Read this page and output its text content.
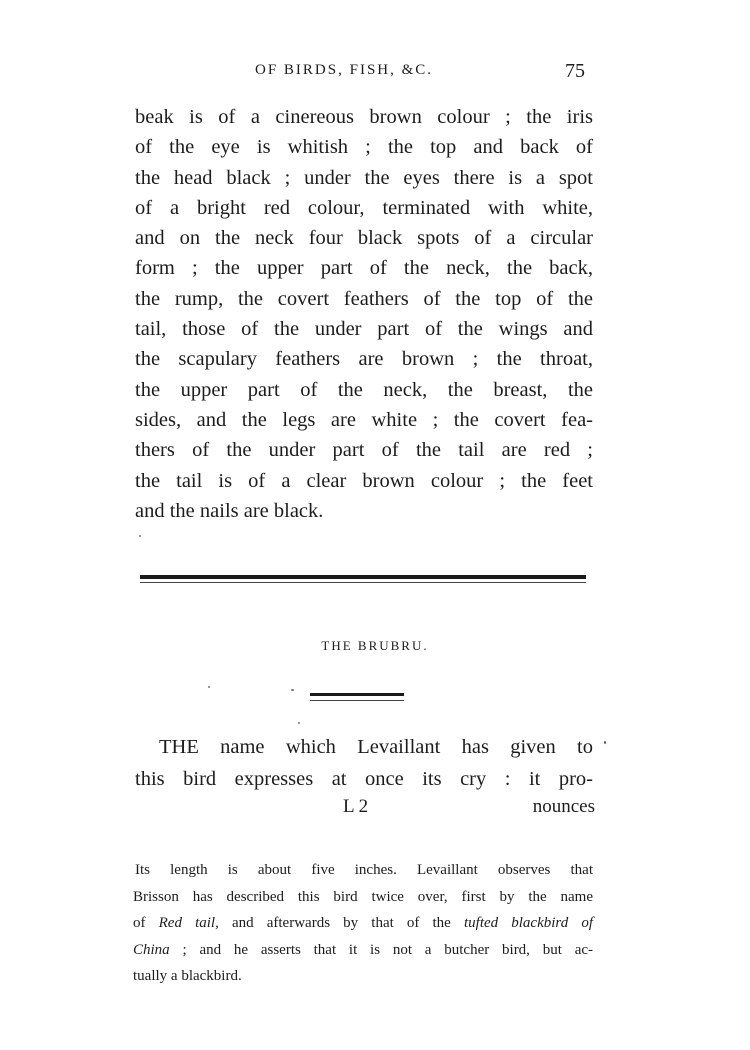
OF BIRDS, FISH, &C.	75
beak is of a cinereous brown colour ; the iris
of the eye is whitish ; the top and back of
the head black ; under the eyes there is a spot
of a bright red colour, terminated with white,
and on the neck four black spots of a circular
form ; the upper part of the neck, the back,
the rump, the covert feathers of the top of the
tail, those of the under part of the wings and
the scapulary feathers are brown ; the throat,
the upper part of the neck, the breast, the
sides, and the legs are white ; the covert fea-
thers of the under part of the tail are red ;
the tail is of a clear brown colour ; the feet
and the nails are black.
THE BRUBRU.
THE name which Levaillant has given to
this bird expresses at once its cry : it pro-
L 2	nounces
Its length is about five inches. Levaillant observes that
Brisson has described this bird twice over, first by the name
of Red tail, and afterwards by that of the tufted blackbird of
China ; and he asserts that it is not a butcher bird, but ac-
tually a blackbird.
